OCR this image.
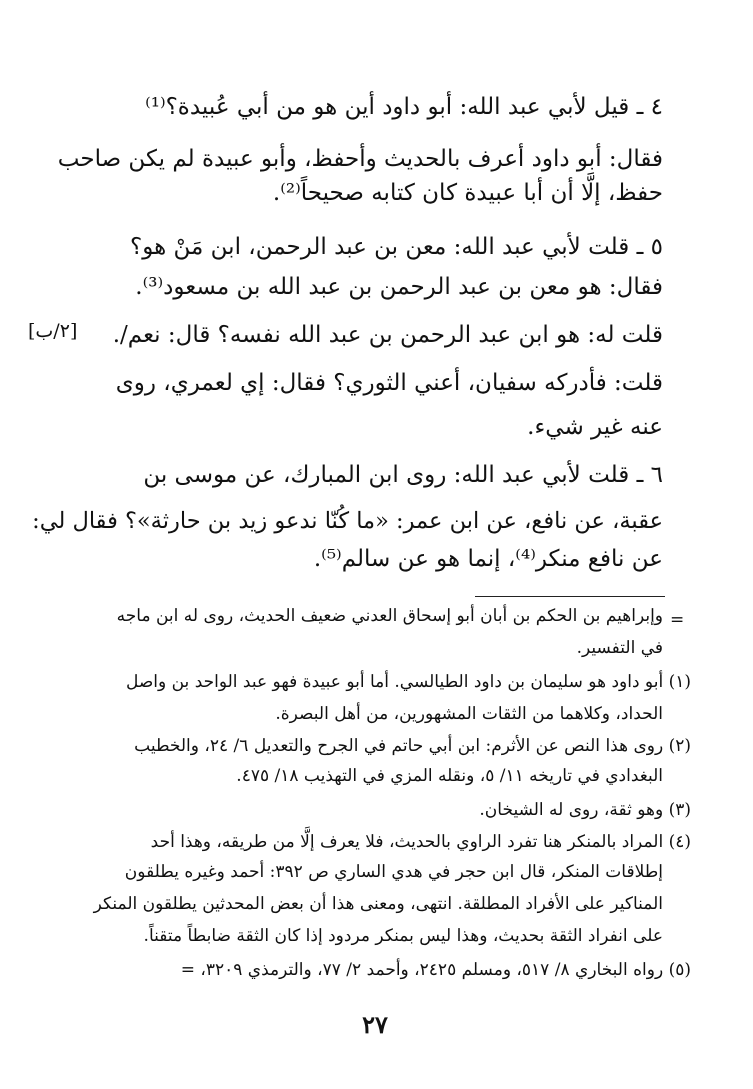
٤ ـ قيل لأبي عبد الله: أبو داود أين هو من أبي عُبيدة؟⁽¹⁾
فقال: أبو داود أعرف بالحديث وأحفظ، وأبو عبيدة لم يكن صاحب
حفظ، إلَّا أن أبا عبيدة كان كتابه صحيحاً⁽²⁾.
٥ ـ قلت لأبي عبد الله: معن بن عبد الرحمن، ابن مَنْ هو؟
فقال: هو معن بن عبد الرحمن بن عبد الله بن مسعود⁽³⁾.
قلت له: هو ابن عبد الرحمن بن عبد الله نفسه؟ قال: نعم/.
قلت: فأدركه سفيان، أعني الثوري؟ فقال: إي لعمري، روى
عنه غير شيء.
٦ ـ قلت لأبي عبد الله: روى ابن المبارك، عن موسى بن
عقبة، عن نافع، عن ابن عمر: «ما كُنّا ندعو زيد بن حارثة»؟ فقال لي:
عن نافع منكر⁽⁴⁾، إنما هو عن سالم⁽⁵⁾.
[٢/ب]
=
وإبراهيم بن الحكم بن أبان أبو إسحاق العدني ضعيف الحديث، روى له ابن ماجه
في التفسير.
(١) أبو داود هو سليمان بن داود الطيالسي. أما أبو عبيدة فهو عبد الواحد بن واصل
الحداد، وكلاهما من الثقات المشهورين، من أهل البصرة.
(٢) روى هذا النص عن الأثرم: ابن أبي حاتم في الجرح والتعديل ٦/ ٢٤، والخطيب
البغدادي في تاريخه ١١/ ٥، ونقله المزي في التهذيب ١٨/ ٤٧٥.
(٣) وهو ثقة، روى له الشيخان.
(٤) المراد بالمنكر هنا تفرد الراوي بالحديث، فلا يعرف إلَّا من طريقه، وهذا أحد
إطلاقات المنكر، قال ابن حجر في هدي الساري ص ٣٩٢: أحمد وغيره يطلقون
المناكير على الأفراد المطلقة. انتهى، ومعنى هذا أن بعض المحدثين يطلقون المنكر
على انفراد الثقة بحديث، وهذا ليس بمنكر مردود إذا كان الثقة ضابطاً متقناً.
(٥) رواه البخاري ٨/ ٥١٧، ومسلم ٢٤٢٥، وأحمد ٢/ ٧٧، والترمذي ٣٢٠٩، =
٢٧
